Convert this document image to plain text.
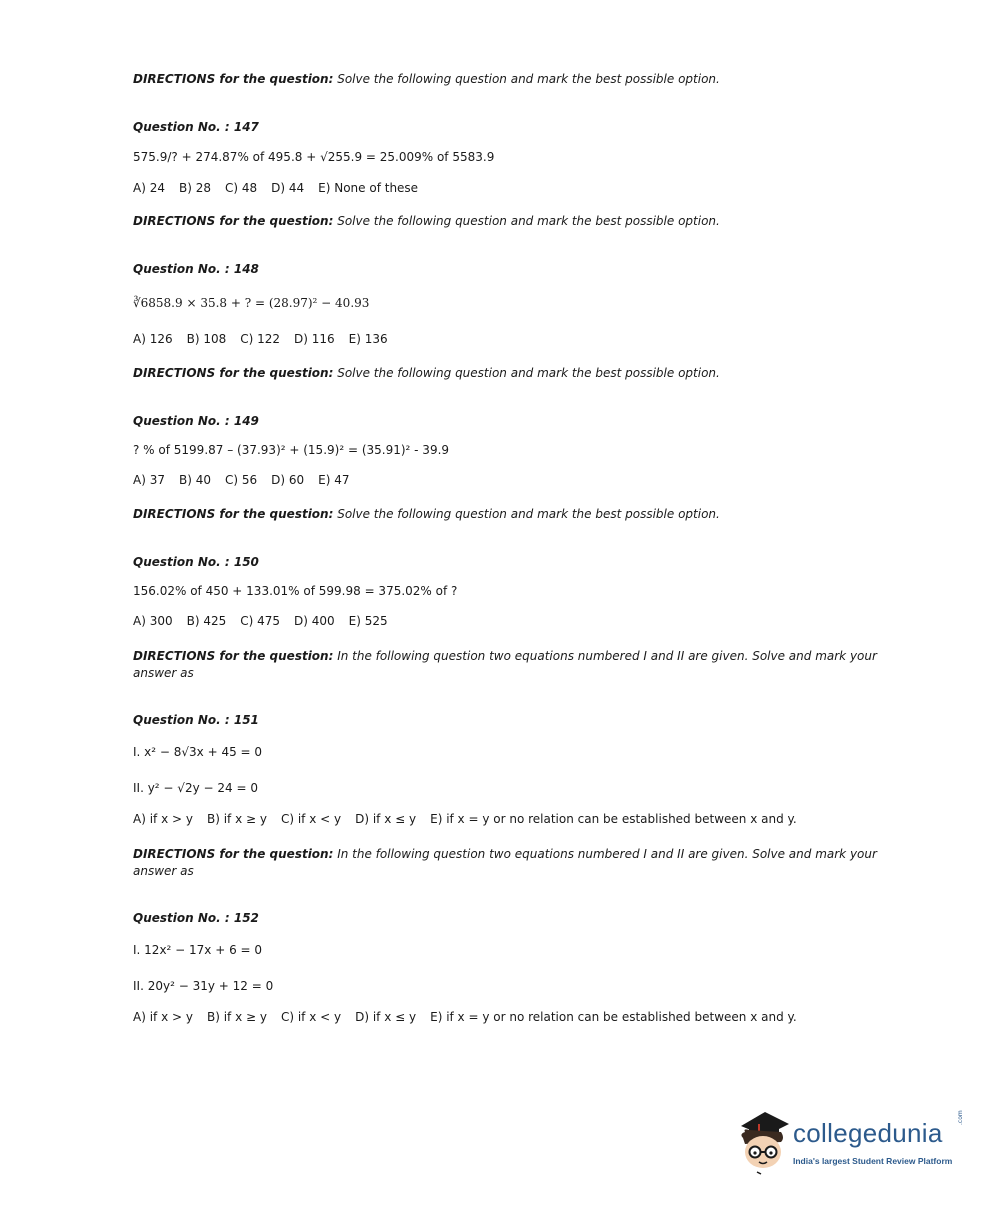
DIRECTIONS for the question: Solve the following question and mark the best possible option.
Question No. : 147
575.9/? + 274.87% of 495.8 + √255.9 = 25.009% of 5583.9
A) 24 B) 28 C) 48 D) 44 E) None of these
DIRECTIONS for the question: Solve the following question and mark the best possible option.
Question No. : 148
∛6858.9 × 35.8 + ? = (28.97)² − 40.93
A) 126 B) 108 C) 122 D) 116 E) 136
DIRECTIONS for the question: Solve the following question and mark the best possible option.
Question No. : 149
? % of 5199.87 – (37.93)² + (15.9)² = (35.91)² - 39.9
A) 37 B) 40 C) 56 D) 60 E) 47
DIRECTIONS for the question: Solve the following question and mark the best possible option.
Question No. : 150
156.02% of 450 + 133.01% of 599.98 = 375.02% of ?
A) 300 B) 425 C) 475 D) 400 E) 525
DIRECTIONS for the question: In the following question two equations numbered I and II are given. Solve and mark your answer as
Question No. : 151
I. x² − 8√3x + 45 = 0
II. y² − √2y − 24 = 0
A) if x > y B) if x ≥ y C) if x < y D) if x ≤ y E) if x = y or no relation can be established between x and y.
DIRECTIONS for the question: In the following question two equations numbered I and II are given. Solve and mark your answer as
Question No. : 152
I. 12x² − 17x + 6 = 0
II. 20y² − 31y + 12 = 0
A) if x > y B) if x ≥ y C) if x < y D) if x ≤ y E) if x = y or no relation can be established between x and y.
collegedunia
.com
India's largest Student Review Platform
